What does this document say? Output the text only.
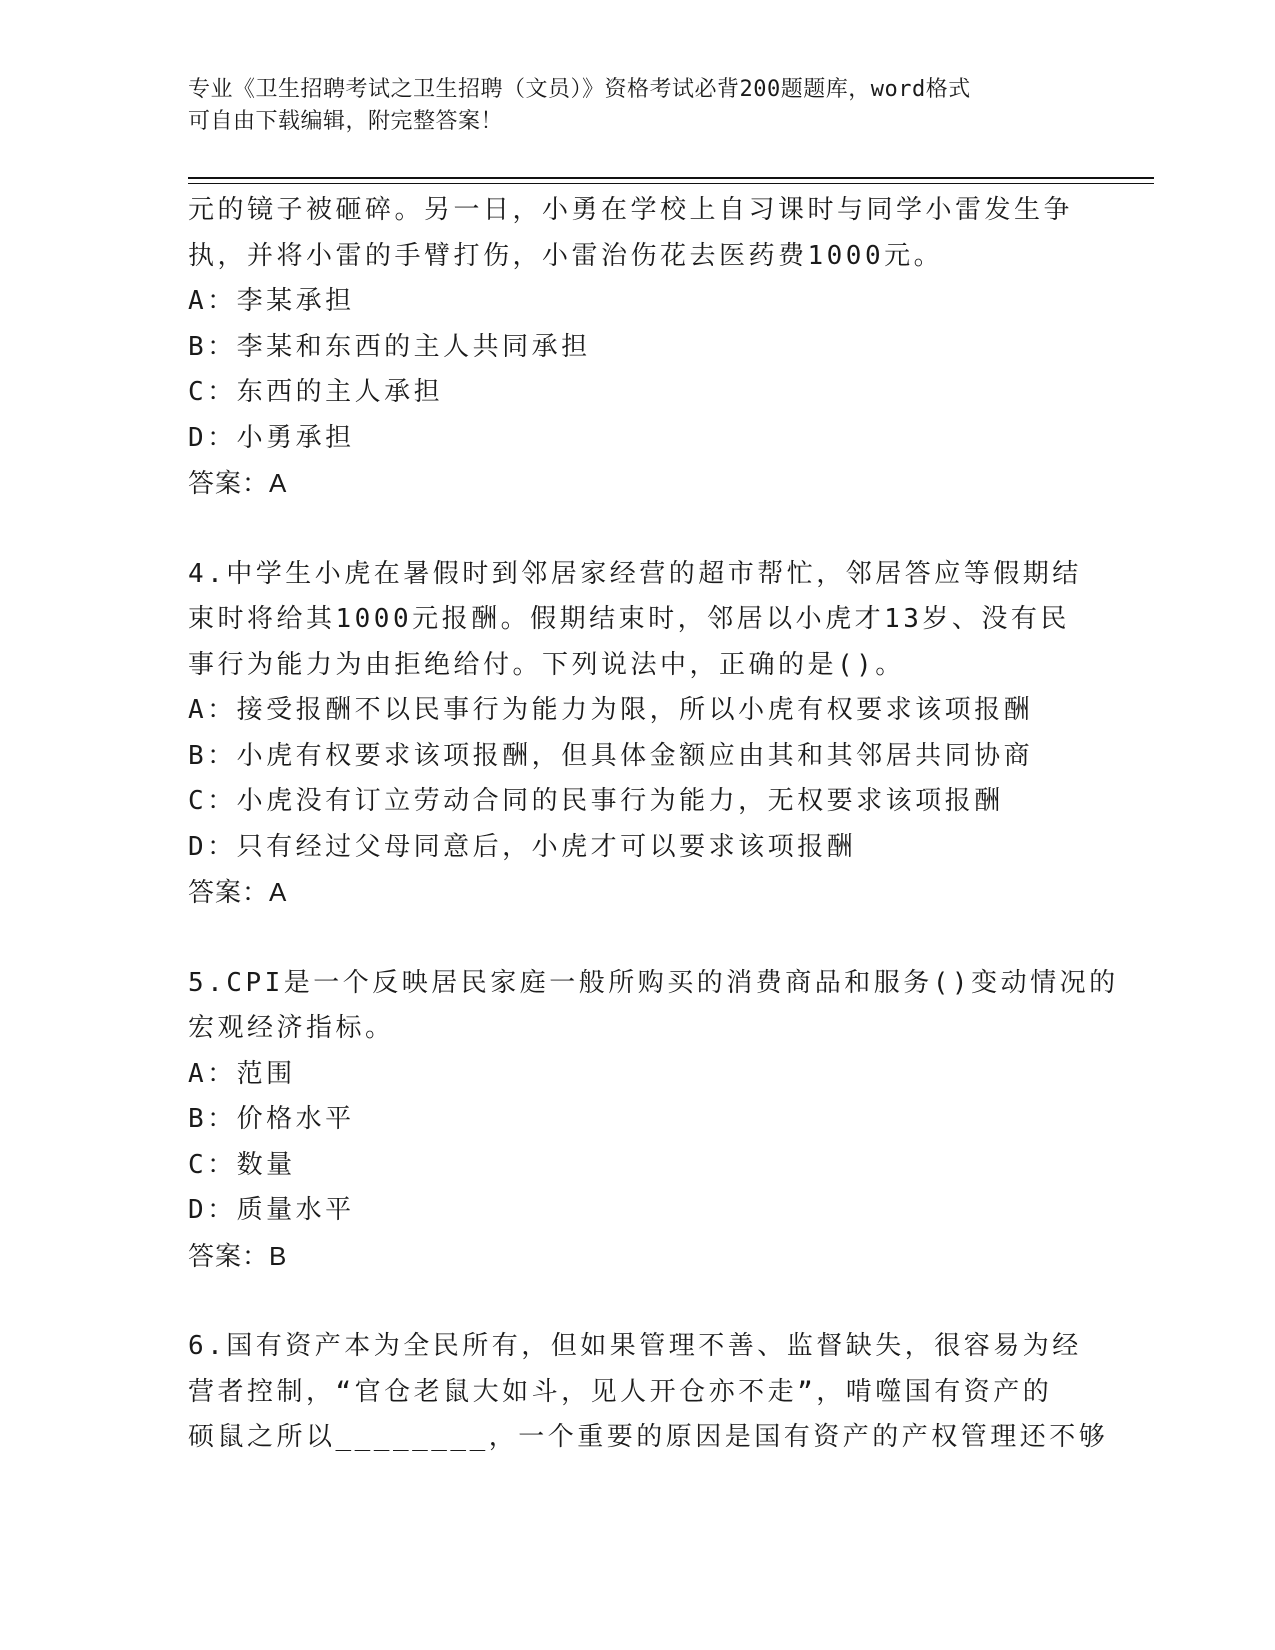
专业《卫生招聘考试之卫生招聘（文员）》资格考试必背200题题库，word格式
可自由下载编辑，附完整答案！
元的镜子被砸碎。另一日，小勇在学校上自习课时与同学小雷发生争
执，并将小雷的手臂打伤，小雷治伤花去医药费1000元。
A：李某承担
B：李某和东西的主人共同承担
C：东西的主人承担
D：小勇承担
答案：A
4.中学生小虎在暑假时到邻居家经营的超市帮忙，邻居答应等假期结
束时将给其1000元报酬。假期结束时，邻居以小虎才13岁、没有民
事行为能力为由拒绝给付。下列说法中，正确的是()。
A：接受报酬不以民事行为能力为限，所以小虎有权要求该项报酬
B：小虎有权要求该项报酬，但具体金额应由其和其邻居共同协商
C：小虎没有订立劳动合同的民事行为能力，无权要求该项报酬
D：只有经过父母同意后，小虎才可以要求该项报酬
答案：A
5.CPI是一个反映居民家庭一般所购买的消费商品和服务()变动情况的
宏观经济指标。
A：范围
B：价格水平
C：数量
D：质量水平
答案：B
6.国有资产本为全民所有，但如果管理不善、监督缺失，很容易为经
营者控制，“官仓老鼠大如斗，见人开仓亦不走”，啃噬国有资产的
硕鼠之所以________，一个重要的原因是国有资产的产权管理还不够
